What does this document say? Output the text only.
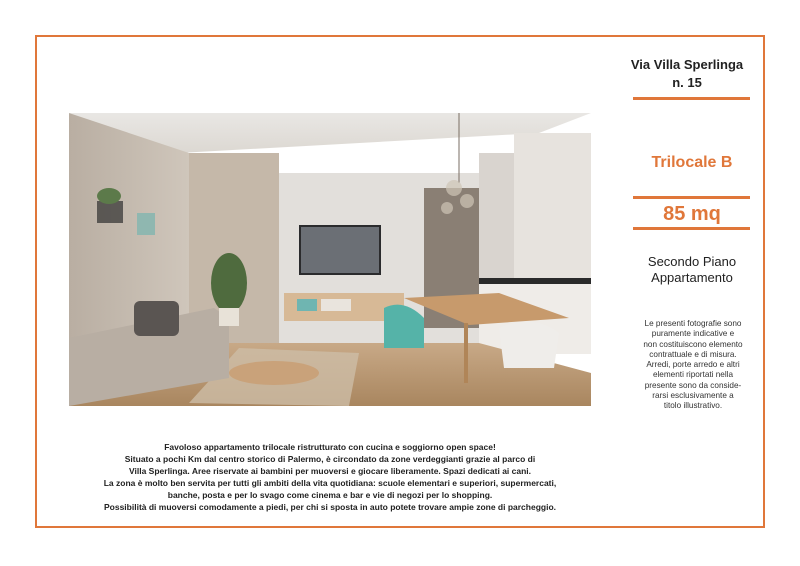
Via Villa Sperlinga
n. 15
Trilocale B
85 mq
Secondo Piano
Appartamento
Le presenti fotografie sono
puramente indicative e
non costituiscono elemento
contrattuale e di misura.
Arredi, porte arredo e altri
elementi riportati nella
presente sono da conside-
rarsi esclusivamente a
titolo illustrativo.
Favoloso appartamento trilocale ristrutturato con cucina e soggiorno open space!
Situato a pochi Km dal centro storico di Palermo, è circondato da zone verdeggianti grazie al parco di
Villa Sperlinga. Aree riservate ai bambini per muoversi e giocare liberamente. Spazi dedicati ai cani.
La zona è molto ben servita per tutti gli ambiti della vita quotidiana: scuole elementari e superiori, supermercati,
banche, posta e per lo svago come cinema e bar e vie di negozi per lo shopping.
Possibilità di muoversi comodamente a piedi, per chi si sposta in auto potete trovare ampie zone di parcheggio.
